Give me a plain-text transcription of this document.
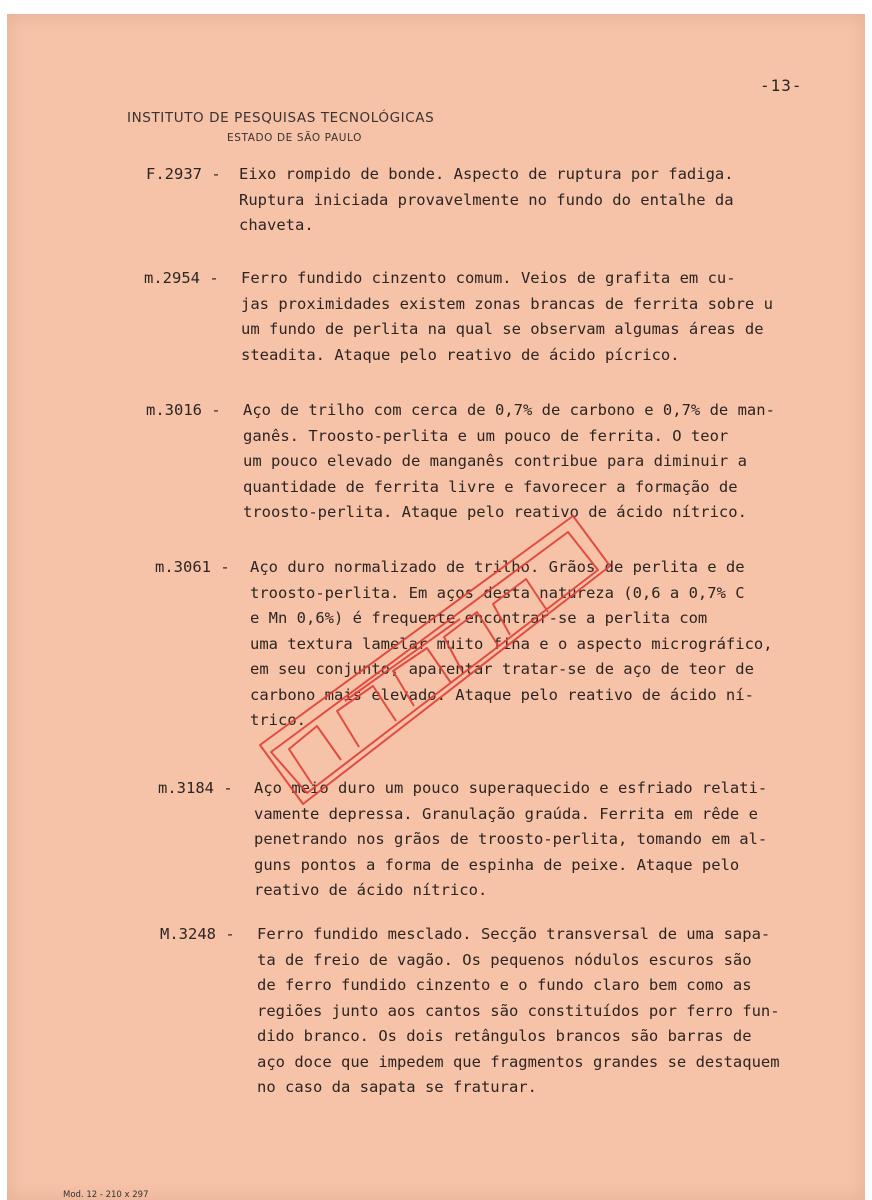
-13-
INSTITUTO DE PESQUISAS TECNOLÓGICAS
ESTADO DE SÃO PAULO
F.2937 - Eixo rompido de bonde. Aspecto de ruptura por fadiga.
Ruptura iniciada provavelmente no fundo do entalhe da
chaveta.
m.2954 - Ferro fundido cinzento comum. Veios de grafita em cu-
jas proximidades existem zonas brancas de ferrita sobre u
um fundo de perlita na qual se observam algumas áreas de
steadita. Ataque pelo reativo de ácido pícrico.
m.3016 - Aço de trilho com cerca de 0,7% de carbono e 0,7% de man-
ganês. Troosto-perlita e um pouco de ferrita. O teor
um pouco elevado de manganês contribue para diminuir a
quantidade de ferrita livre e favorecer a formação de
troosto-perlita. Ataque pelo reativo de ácido nítrico.
m.3061 - Aço duro normalizado de trilho. Grãos de perlita e de
troosto-perlita. Em aços desta natureza (0,6 a 0,7% C
e Mn 0,6%) é frequente encontrar-se a perlita com
uma textura lamelar muito fina e o aspecto micrográfico,
em seu conjunto, aparentar tratar-se de aço de teor de
carbono mais elevado. Ataque pelo reativo de ácido ní-
trico.
m.3184 - Aço meio duro um pouco superaquecido e esfriado relati-
vamente depressa. Granulação graúda. Ferrita em rêde e
penetrando nos grãos de troosto-perlita, tomando em al-
guns pontos a forma de espinha de peixe. Ataque pelo
reativo de ácido nítrico.
M.3248 - Ferro fundido mesclado. Secção transversal de uma sapa-
ta de freio de vagão. Os pequenos nódulos escuros são
de ferro fundido cinzento e o fundo claro bem como as
regiões junto aos cantos são constituídos por ferro fun-
dido branco. Os dois retângulos brancos são barras de
aço doce que impedem que fragmentos grandes se destaquem
no caso da sapata se fraturar.
Mod. 12 - 210 x 297
